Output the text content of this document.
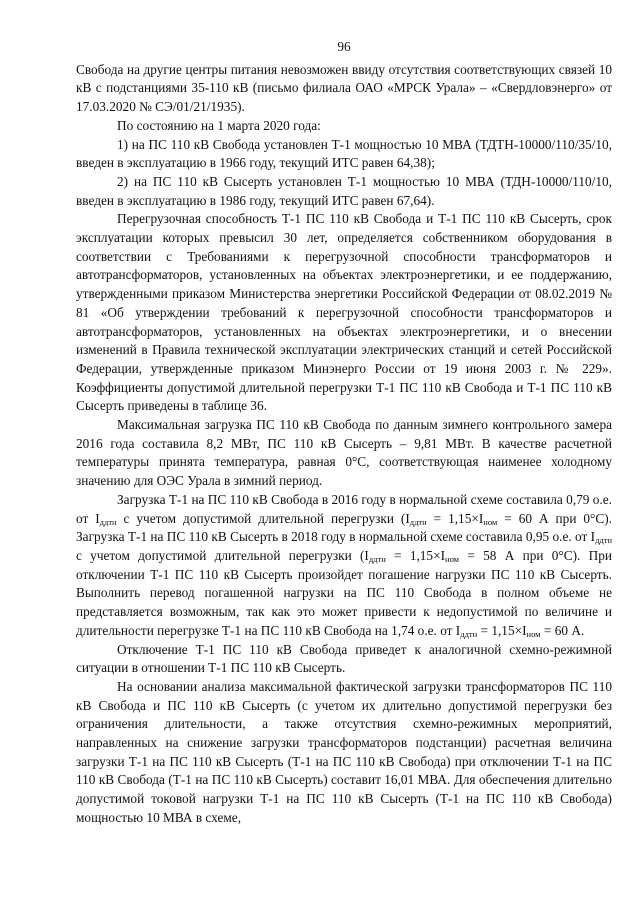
96

Свобода на другие центры питания невозможен ввиду отсутствия соответствующих связей 10 кВ с подстанциями 35-110 кВ (письмо филиала ОАО «МРСК Урала» – «Свердловэнерго» от 17.03.2020 № СЭ/01/21/1935).

По состоянию на 1 марта 2020 года:

1) на ПС 110 кВ Свобода установлен Т-1 мощностью 10 МВА (ТДТН-10000/110/35/10, введен в эксплуатацию в 1966 году, текущий ИТС равен 64,38);

2) на ПС 110 кВ Сысерть установлен Т-1 мощностью 10 МВА (ТДН-10000/110/10, введен в эксплуатацию в 1986 году, текущий ИТС равен 67,64).

Перегрузочная способность Т-1 ПС 110 кВ Свобода и Т-1 ПС 110 кВ Сысерть, срок эксплуатации которых превысил 30 лет, определяется собственником оборудования в соответствии с Требованиями к перегрузочной способности трансформаторов и автотрансформаторов, установленных на объектах электроэнергетики, и ее поддержанию, утвержденными приказом Министерства энергетики Российской Федерации от 08.02.2019 № 81 «Об утверждении требований к перегрузочной способности трансформаторов и автотрансформаторов, установленных на объектах электроэнергетики, и о внесении изменений в Правила технической эксплуатации электрических станций и сетей Российской Федерации, утвержденные приказом Минэнерго России от 19 июня 2003 г. № 229». Коэффициенты допустимой длительной перегрузки Т-1 ПС 110 кВ Свобода и Т-1 ПС 110 кВ Сысерть приведены в таблице 36.

Максимальная загрузка ПС 110 кВ Свобода по данным зимнего контрольного замера 2016 года составила 8,2 МВт, ПС 110 кВ Сысерть – 9,81 МВт. В качестве расчетной температуры принята температура, равная 0°С, соответствующая наименее холодному значению для ОЭС Урала в зимний период.

Загрузка Т-1 на ПС 110 кВ Свобода в 2016 году в нормальной схеме составила 0,79 о.е. от $I_{ддтн}$ с учетом допустимой длительной перегрузки ($I_{ддтн} = 1,15\times I_{ном} = 60$ А при 0°С). Загрузка Т-1 на ПС 110 кВ Сысерть в 2018 году в нормальной схеме составила 0,95 о.е. от $I_{ддтн}$ с учетом допустимой длительной перегрузки ($I_{ддтн} = 1,15\times I_{ном} = 58$ А при 0°С). При отключении Т-1 ПС 110 кВ Сысерть произойдет погашение нагрузки ПС 110 кВ Сысерть. Выполнить перевод погашенной нагрузки на ПС 110 Свобода в полном объеме не представляется возможным, так как это может привести к недопустимой по величине и длительности перегрузке Т-1 на ПС 110 кВ Свобода на 1,74 о.е. от $I_{ддтн} = 1,15\times I_{ном} = 60$ А.

Отключение Т-1 ПС 110 кВ Свобода приведет к аналогичной схемно-режимной ситуации в отношении Т-1 ПС 110 кВ Сысерть.

На основании анализа максимальной фактической загрузки трансформаторов ПС 110 кВ Свобода и ПС 110 кВ Сысерть (с учетом их длительно допустимой перегрузки без ограничения длительности, а также отсутствия схемно-режимных мероприятий, направленных на снижение загрузки трансформаторов подстанции) расчетная величина загрузки Т-1 на ПС 110 кВ Сысерть (Т-1 на ПС 110 кВ Свобода) при отключении Т-1 на ПС 110 кВ Свобода (Т-1 на ПС 110 кВ Сысерть) составит 16,01 МВА. Для обеспечения длительно допустимой токовой нагрузки Т-1 на ПС 110 кВ Сысерть (Т-1 на ПС 110 кВ Свобода) мощностью 10 МВА в схеме,
